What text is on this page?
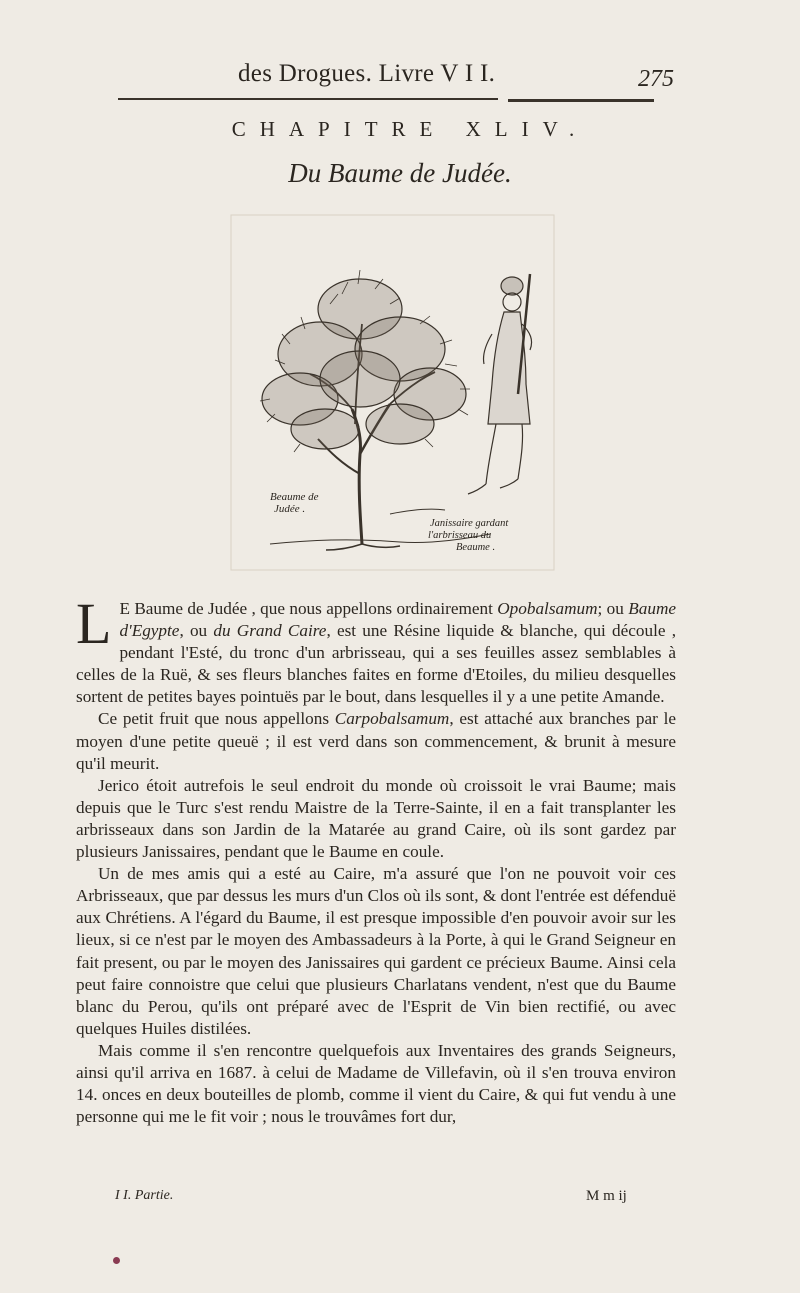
des Drogues. Livre V I I.	275
CHAPITRE XLIV.
Du Baume de Judée.
Beaume de
Judée .
Janissaire gardant
l'arbrisseau du
Beaume .

L E Baume de Judée , que nous appellons ordinairement Opobalsamum; ou Baume d'Egypte, ou du Grand Caire, est une Résine liquide & blanche, qui découle , pendant l'Esté, du tronc d'un arbrisseau, qui a ses feuilles assez semblables à celles de la Ruë, & ses fleurs blanches faites en forme d'Etoiles, du milieu desquelles sortent de petites bayes pointuës par le bout, dans lesquelles il y a une petite Amande.

Ce petit fruit que nous appellons Carpobalsamum, est attaché aux branches par le moyen d'une petite queuë ; il est verd dans son commencement, & brunit à mesure qu'il meurit.

Jerico étoit autrefois le seul endroit du monde où croissoit le vrai Baume; mais depuis que le Turc s'est rendu Maistre de la Terre-Sainte, il en a fait transplanter les arbrisseaux dans son Jardin de la Matarée au grand Caire, où ils sont gardez par plusieurs Janissaires, pendant que le Baume en coule.

Un de mes amis qui a esté au Caire, m'a assuré que l'on ne pouvoit voir ces Arbrisseaux, que par dessus les murs d'un Clos où ils sont, & dont l'entrée est défenduë aux Chrétiens. A l'égard du Baume, il est presque impossible d'en pouvoir avoir sur les lieux, si ce n'est par le moyen des Ambassadeurs à la Porte, à qui le Grand Seigneur en fait present, ou par le moyen des Janissaires qui gardent ce précieux Baume. Ainsi cela peut faire connoistre que celui que plusieurs Charlatans vendent, n'est que du Baume blanc du Perou, qu'ils ont préparé avec de l'Esprit de Vin bien rectifié, ou avec quelques Huiles distilées.

Mais comme il s'en rencontre quelquefois aux Inventaires des grands Seigneurs, ainsi qu'il arriva en 1687. à celui de Madame de Villefavin, où il s'en trouva environ 14. onces en deux bouteilles de plomb, comme il vient du Caire, & qui fut vendu à une personne qui me le fit voir ; nous le trouvâmes fort dur,

I I. Partie.	M m ij
